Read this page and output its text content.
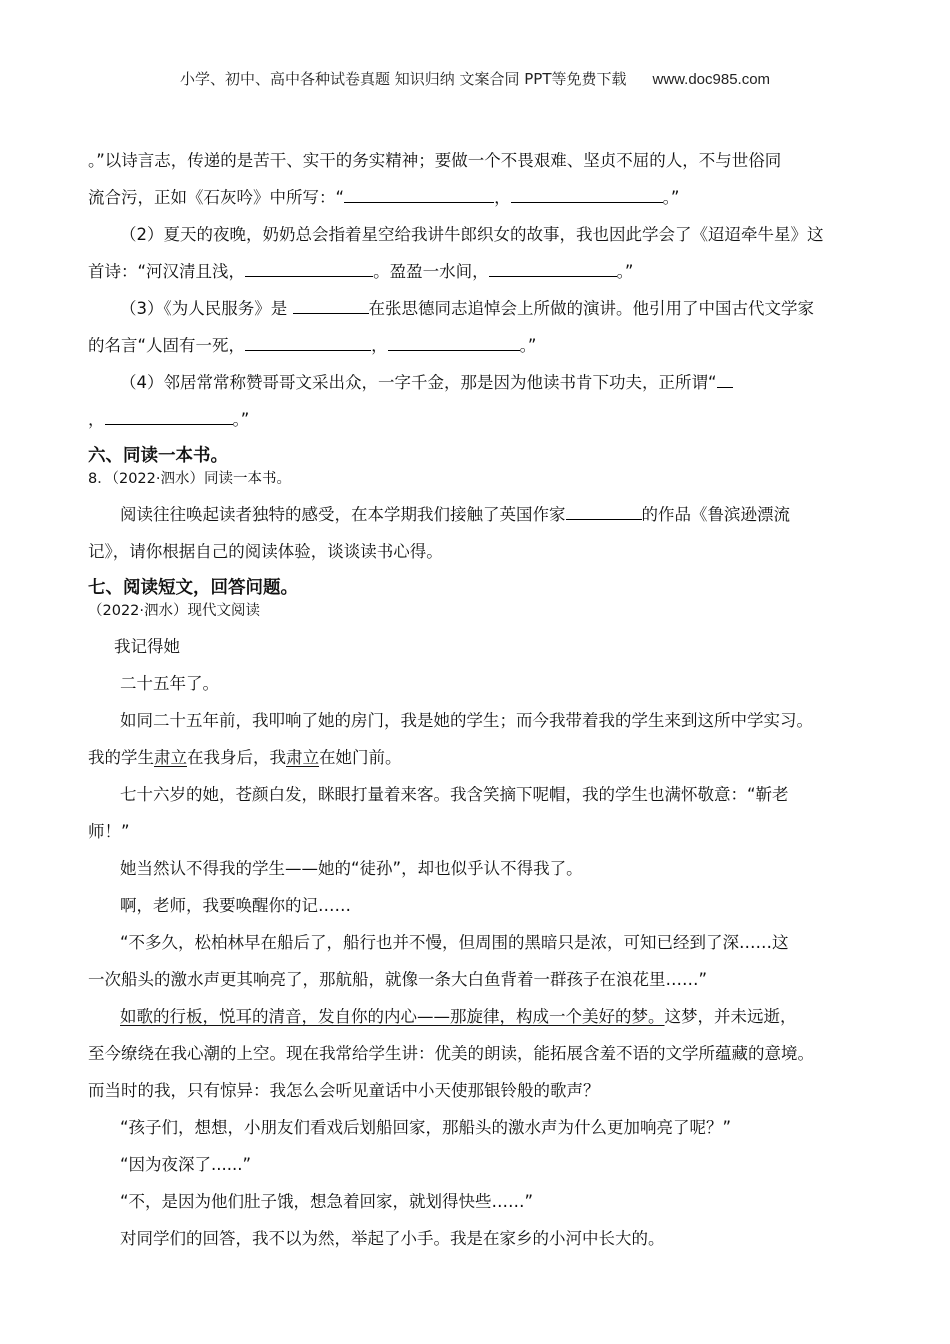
小学、初中、高中各种试卷真题 知识归纳 文案合同 PPT等免费下载 www.doc985.com

。”以诗言志，传递的是苦干、实干的务实精神；要做一个不畏艰难、坚贞不屈的人，不与世俗同

流合污，正如《石灰吟》中所写：“	，	。”

（2）夏天的夜晚，奶奶总会指着星空给我讲牛郎织女的故事，我也因此学会了《迢迢牵牛星》这

首诗：“河汉清且浅，	。盈盈一水间，	。”

（3）《为人民服务》是	在张思德同志追悼会上所做的演讲。他引用了中国古代文学家

的名言“人固有一死，	，	。”

（4）邻居常常称赞哥哥文采出众，一字千金，那是因为他读书肯下功夫，正所谓“

，	。”

六、同读一本书。

8．（2022·泗水）同读一本书。

阅读往往唤起读者独特的感受，在本学期我们接触了英国作家	的作品《鲁滨逊漂流

记》，请你根据自己的阅读体验，谈谈读书心得。

七、阅读短文，回答问题。

（2022·泗水）现代文阅读

我记得她

二十五年了。

如同二十五年前，我叩响了她的房门，我是她的学生；而今我带着我的学生来到这所中学实习。

我的学生肃立在我身后，我肃立在她门前。

七十六岁的她，苍颜白发，眯眼打量着来客。我含笑摘下呢帽，我的学生也满怀敬意：“靳老

师！”

她当然认不得我的学生——她的“徒孙”，却也似乎认不得我了。

啊，老师，我要唤醒你的记……

“不多久，松柏林早在船后了，船行也并不慢，但周围的黑暗只是浓，可知已经到了深……这

一次船头的激水声更其响亮了，那航船，就像一条大白鱼背着一群孩子在浪花里……”

如歌的行板，悦耳的清音，发自你的内心——那旋律，构成一个美好的梦。这梦，并未远逝，

至今缭绕在我心潮的上空。现在我常给学生讲：优美的朗读，能拓展含羞不语的文学所蕴藏的意境。

而当时的我，只有惊异：我怎么会听见童话中小天使那银铃般的歌声？

“孩子们，想想，小朋友们看戏后划船回家，那船头的激水声为什么更加响亮了呢？”

“因为夜深了......”

“不，是因为他们肚子饿，想急着回家，就划得快些……”

对同学们的回答，我不以为然，举起了小手。我是在家乡的小河中长大的。
